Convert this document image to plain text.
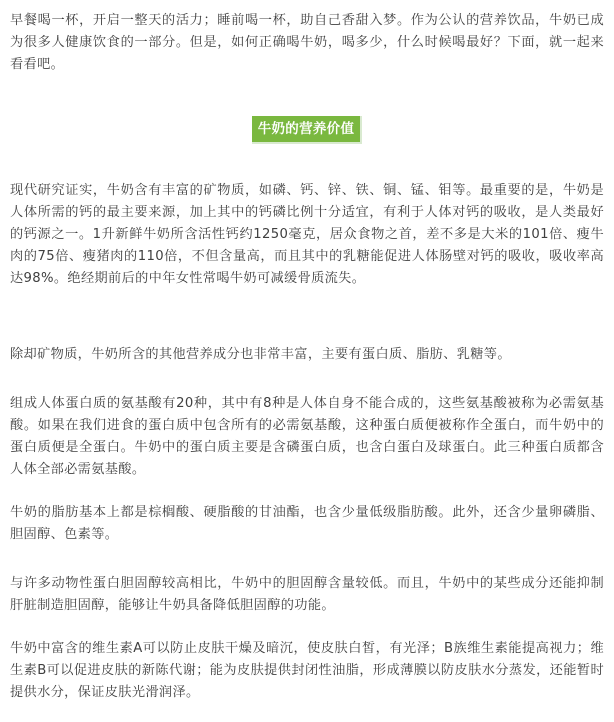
早餐喝一杯，开启一整天的活力；睡前喝一杯，助自己香甜入梦。作为公认的营养饮品，牛奶已成为很多人健康饮食的一部分。但是，如何正确喝牛奶，喝多少，什么时候喝最好？下面，就一起来看看吧。

牛奶的营养价值

现代研究证实，牛奶含有丰富的矿物质，如磷、钙、锌、铁、铜、锰、钼等。最重要的是，牛奶是人体所需的钙的最主要来源，加上其中的钙磷比例十分适宜，有利于人体对钙的吸收，是人类最好的钙源之一。1升新鲜牛奶所含活性钙约1250毫克，居众食物之首，差不多是大米的101倍、瘦牛肉的75倍、瘦猪肉的110倍，不但含量高，而且其中的乳糖能促进人体肠壁对钙的吸收，吸收率高达98%。绝经期前后的中年女性常喝牛奶可减缓骨质流失。

除却矿物质，牛奶所含的其他营养成分也非常丰富，主要有蛋白质、脂肪、乳糖等。

组成人体蛋白质的氨基酸有20种，其中有8种是人体自身不能合成的，这些氨基酸被称为必需氨基酸。如果在我们进食的蛋白质中包含所有的必需氨基酸，这种蛋白质便被称作全蛋白，而牛奶中的蛋白质便是全蛋白。牛奶中的蛋白质主要是含磷蛋白质，也含白蛋白及球蛋白。此三种蛋白质都含人体全部必需氨基酸。

牛奶的脂肪基本上都是棕榈酸、硬脂酸的甘油酯，也含少量低级脂肪酸。此外，还含少量卵磷脂、胆固醇、色素等。

与许多动物性蛋白胆固醇较高相比，牛奶中的胆固醇含量较低。而且，牛奶中的某些成分还能抑制肝脏制造胆固醇，能够让牛奶具备降低胆固醇的功能。

牛奶中富含的维生素A可以防止皮肤干燥及暗沉，使皮肤白皙，有光泽；B族维生素能提高视力；维生素B可以促进皮肤的新陈代谢；能为皮肤提供封闭性油脂，形成薄膜以防皮肤水分蒸发，还能暂时提供水分，保证皮肤光滑润泽。
